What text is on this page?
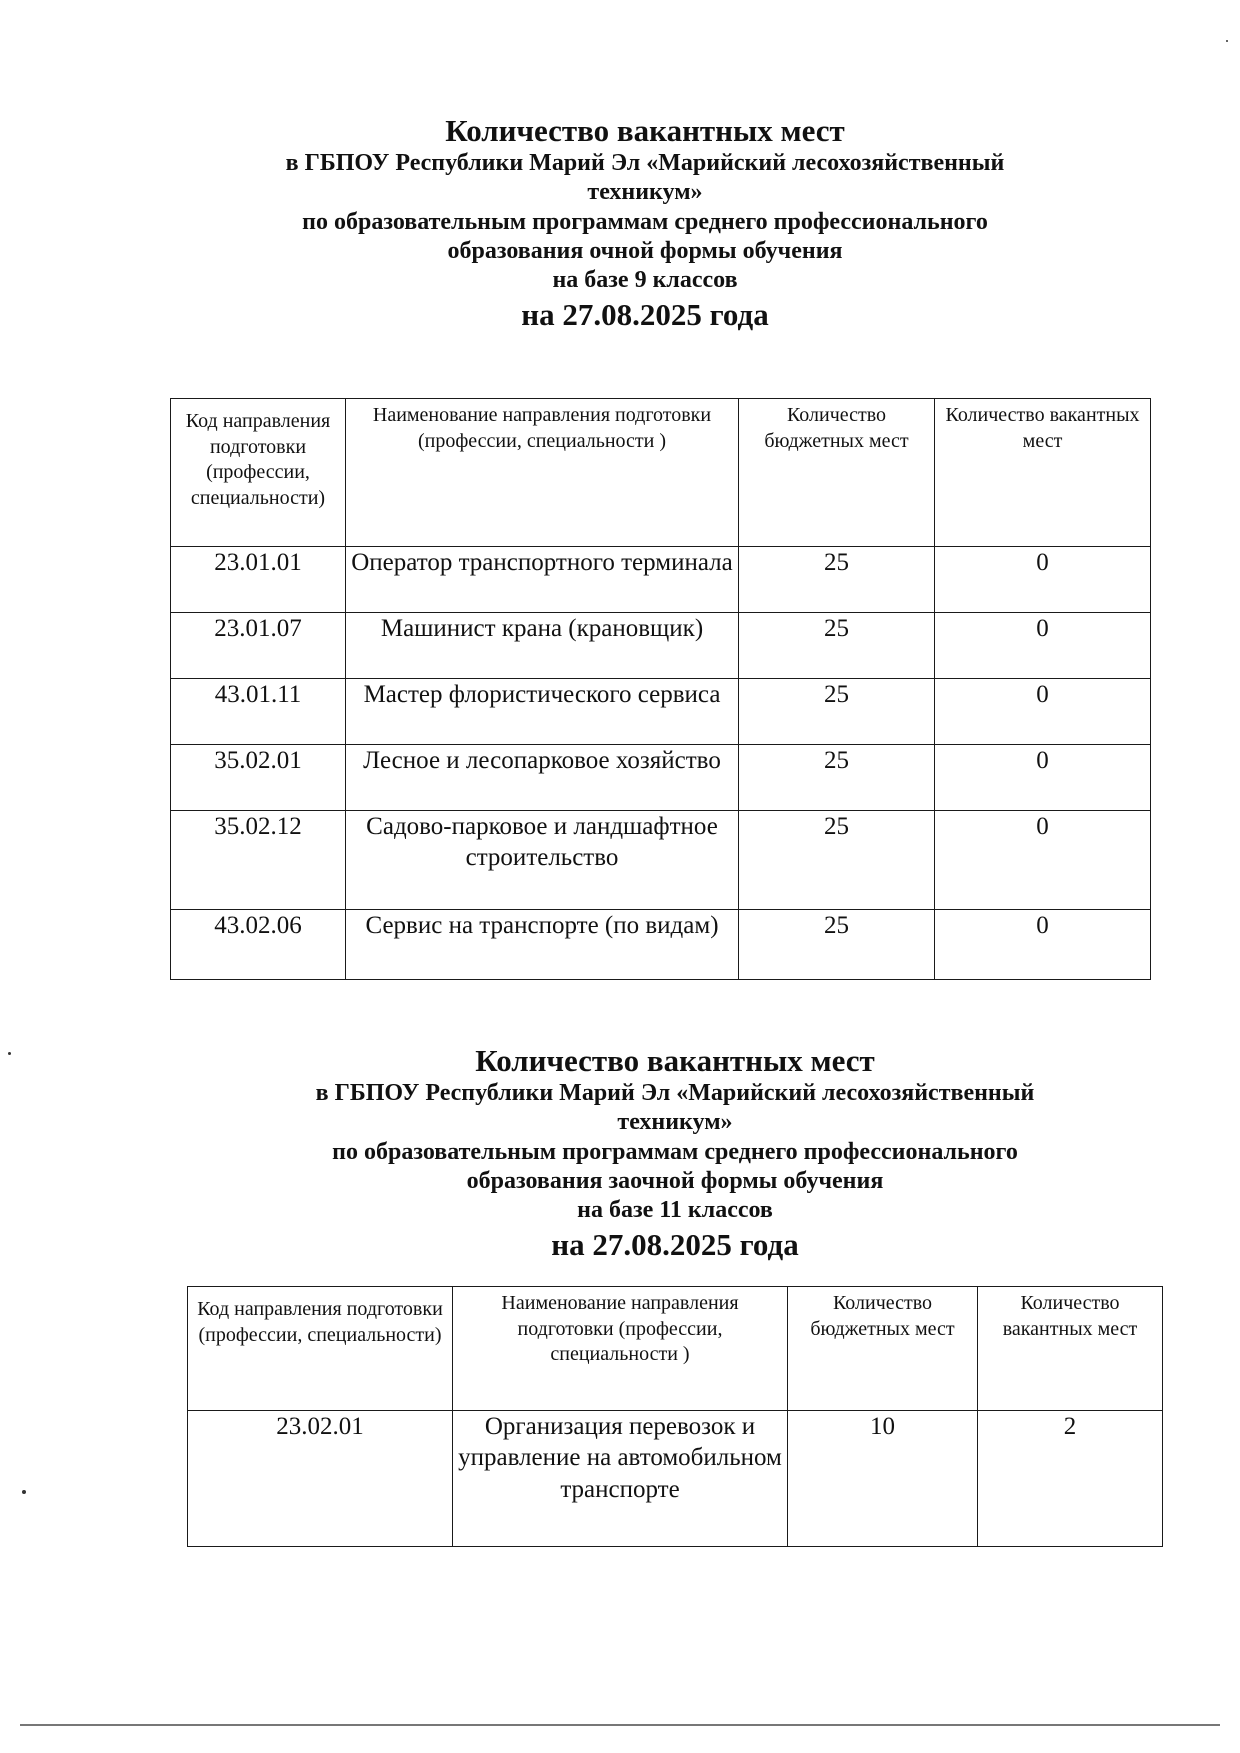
Количество вакантных мест
в ГБПОУ Республики Марий Эл «Марийский лесохозяйственный
техникум»
по образовательным программам среднего профессионального
образования очной формы обучения
на базе 9 классов
на 27.08.2025 года
Код направления подготовки (профессии, специальности)	Наименование направления подготовки (профессии, специальности )	Количество бюджетных мест	Количество вакантных мест
23.01.01	Оператор транспортного терминала	25	0
23.01.07	Машинист крана (крановщик)	25	0
43.01.11	Мастер флористического сервиса	25	0
35.02.01	Лесное и лесопарковое хозяйство	25	0
35.02.12	Садово-парковое и ландшафтное строительство	25	0
43.02.06	Сервис на транспорте (по видам)	25	0
Количество вакантных мест
в ГБПОУ Республики Марий Эл «Марийский лесохозяйственный
техникум»
по образовательным программам среднего профессионального
образования заочной формы обучения
на базе 11 классов
на 27.08.2025 года
Код направления подготовки (профессии, специальности)	Наименование направления подготовки (профессии, специальности )	Количество бюджетных мест	Количество вакантных мест
23.02.01	Организация перевозок и управление на автомобильном транспорте	10	2
